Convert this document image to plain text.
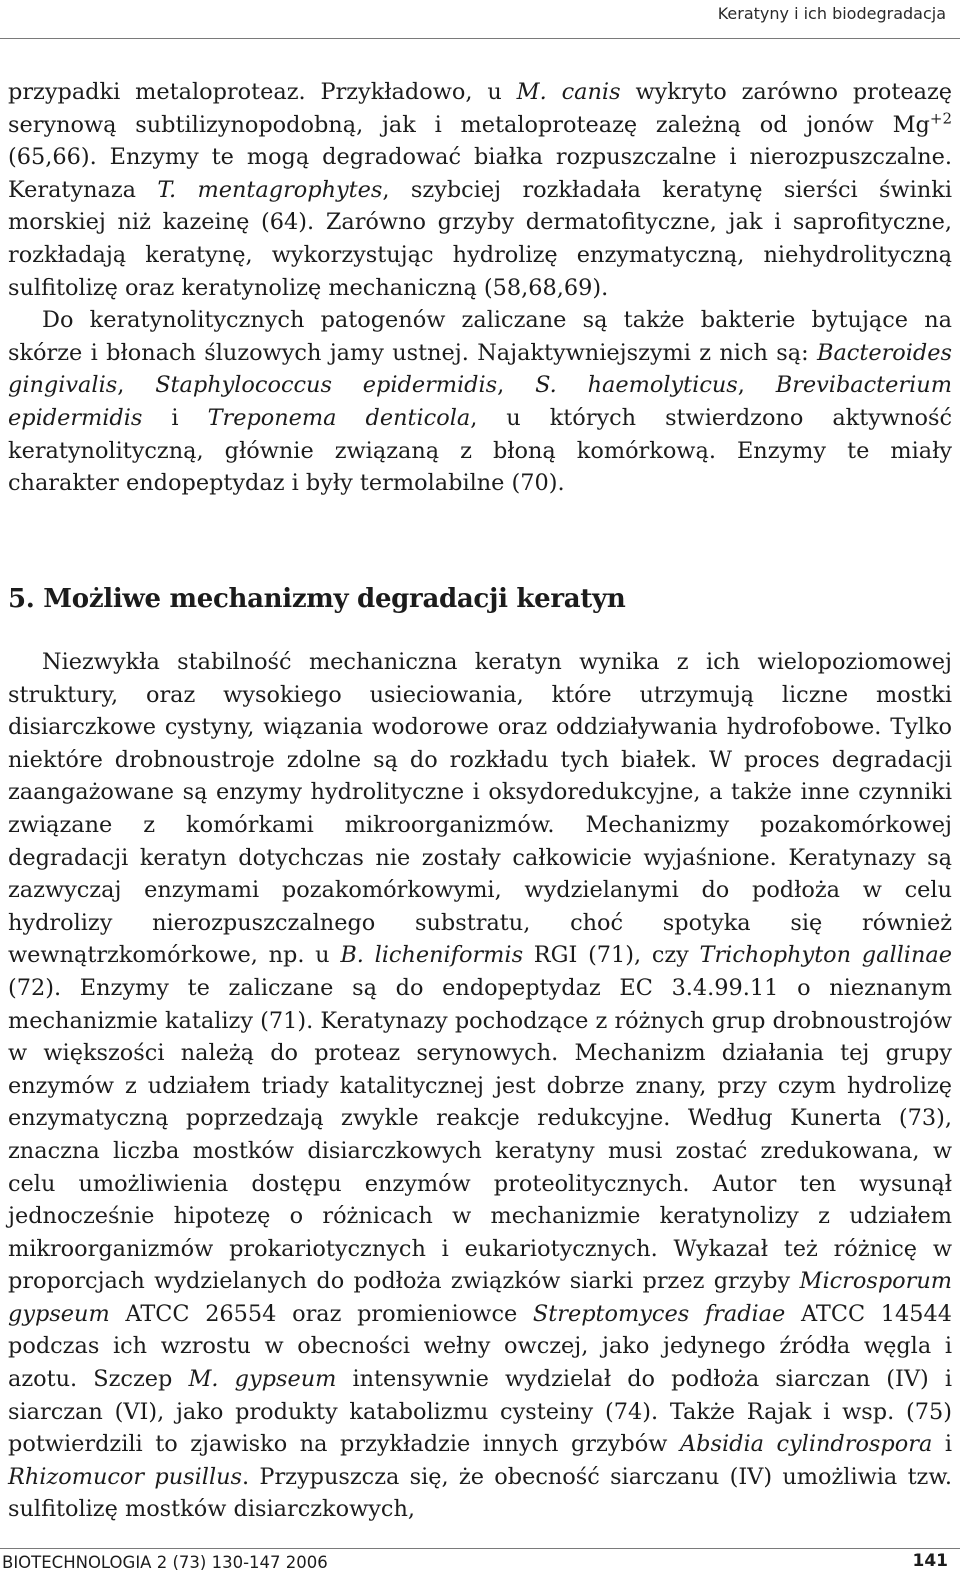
Keratyny i ich biodegradacja

przypadki metaloproteaz. Przykładowo, u M. canis wykryto zarówno proteazę serynową subtilizynopodobną, jak i metaloproteazę zależną od jonów $Mg^{+2}$ (65,66). Enzymy te mogą degradować białka rozpuszczalne i nierozpuszczalne. Keratynaza T. mentagrophytes, szybciej rozkładała keratynę sierści świnki morskiej niż kazeinę (64). Zarówno grzyby dermatofityczne, jak i saprofityczne, rozkładają keratynę, wykorzystując hydrolizę enzymatyczną, niehydrolityczną sulfitolizę oraz keratynolizę mechaniczną (58,68,69).

Do keratynolitycznych patogenów zaliczane są także bakterie bytujące na skórze i błonach śluzowych jamy ustnej. Najaktywniejszymi z nich są: Bacteroides gingivalis, Staphylococcus epidermidis, S. haemolyticus, Brevibacterium epidermidis i Treponema denticola, u których stwierdzono aktywność keratynolityczną, głównie związaną z błoną komórkową. Enzymy te miały charakter endopeptydaz i były termolabilne (70).

5. Możliwe mechanizmy degradacji keratyn

Niezwykła stabilność mechaniczna keratyn wynika z ich wielopoziomowej struktury, oraz wysokiego usieciowania, które utrzymują liczne mostki disiarczkowe cystyny, wiązania wodorowe oraz oddziaływania hydrofobowe. Tylko niektóre drobnoustroje zdolne są do rozkładu tych białek. W proces degradacji zaangażowane są enzymy hydrolityczne i oksydoredukcyjne, a także inne czynniki związane z komórkami mikroorganizmów. Mechanizmy pozakomórkowej degradacji keratyn dotychczas nie zostały całkowicie wyjaśnione. Keratynazy są zazwyczaj enzymami pozakomórkowymi, wydzielanymi do podłoża w celu hydrolizy nierozpuszczalnego substratu, choć spotyka się również wewnątrzkomórkowe, np. u B. licheniformis RGI (71), czy Trichophyton gallinae (72). Enzymy te zaliczane są do endopeptydaz EC 3.4.99.11 o nieznanym mechanizmie katalizy (71). Keratynazy pochodzące z różnych grup drobnoustrojów w większości należą do proteaz serynowych. Mechanizm działania tej grupy enzymów z udziałem triady katalitycznej jest dobrze znany, przy czym hydrolizę enzymatyczną poprzedzają zwykle reakcje redukcyjne. Według Kunerta (73), znaczna liczba mostków disiarczkowych keratyny musi zostać zredukowana, w celu umożliwienia dostępu enzymów proteolitycznych. Autor ten wysunął jednocześnie hipotezę o różnicach w mechanizmie keratynolizy z udziałem mikroorganizmów prokariotycznych i eukariotycznych. Wykazał też różnicę w proporcjach wydzielanych do podłoża związków siarki przez grzyby Microsporum gypseum ATCC 26554 oraz promieniowce Streptomyces fradiae ATCC 14544 podczas ich wzrostu w obecności wełny owczej, jako jedynego źródła węgla i azotu. Szczep M. gypseum intensywnie wydzielał do podłoża siarczan (IV) i siarczan (VI), jako produkty katabolizmu cysteiny (74). Także Rajak i wsp. (75) potwierdzili to zjawisko na przykładzie innych grzybów Absidia cylindrospora i Rhizomucor pusillus. Przypuszcza się, że obecność siarczanu (IV) umożliwia tzw. sulfitolizę mostków disiarczkowych,

BIOTECHNOLOGIA 2 (73) 130-147 2006	141
